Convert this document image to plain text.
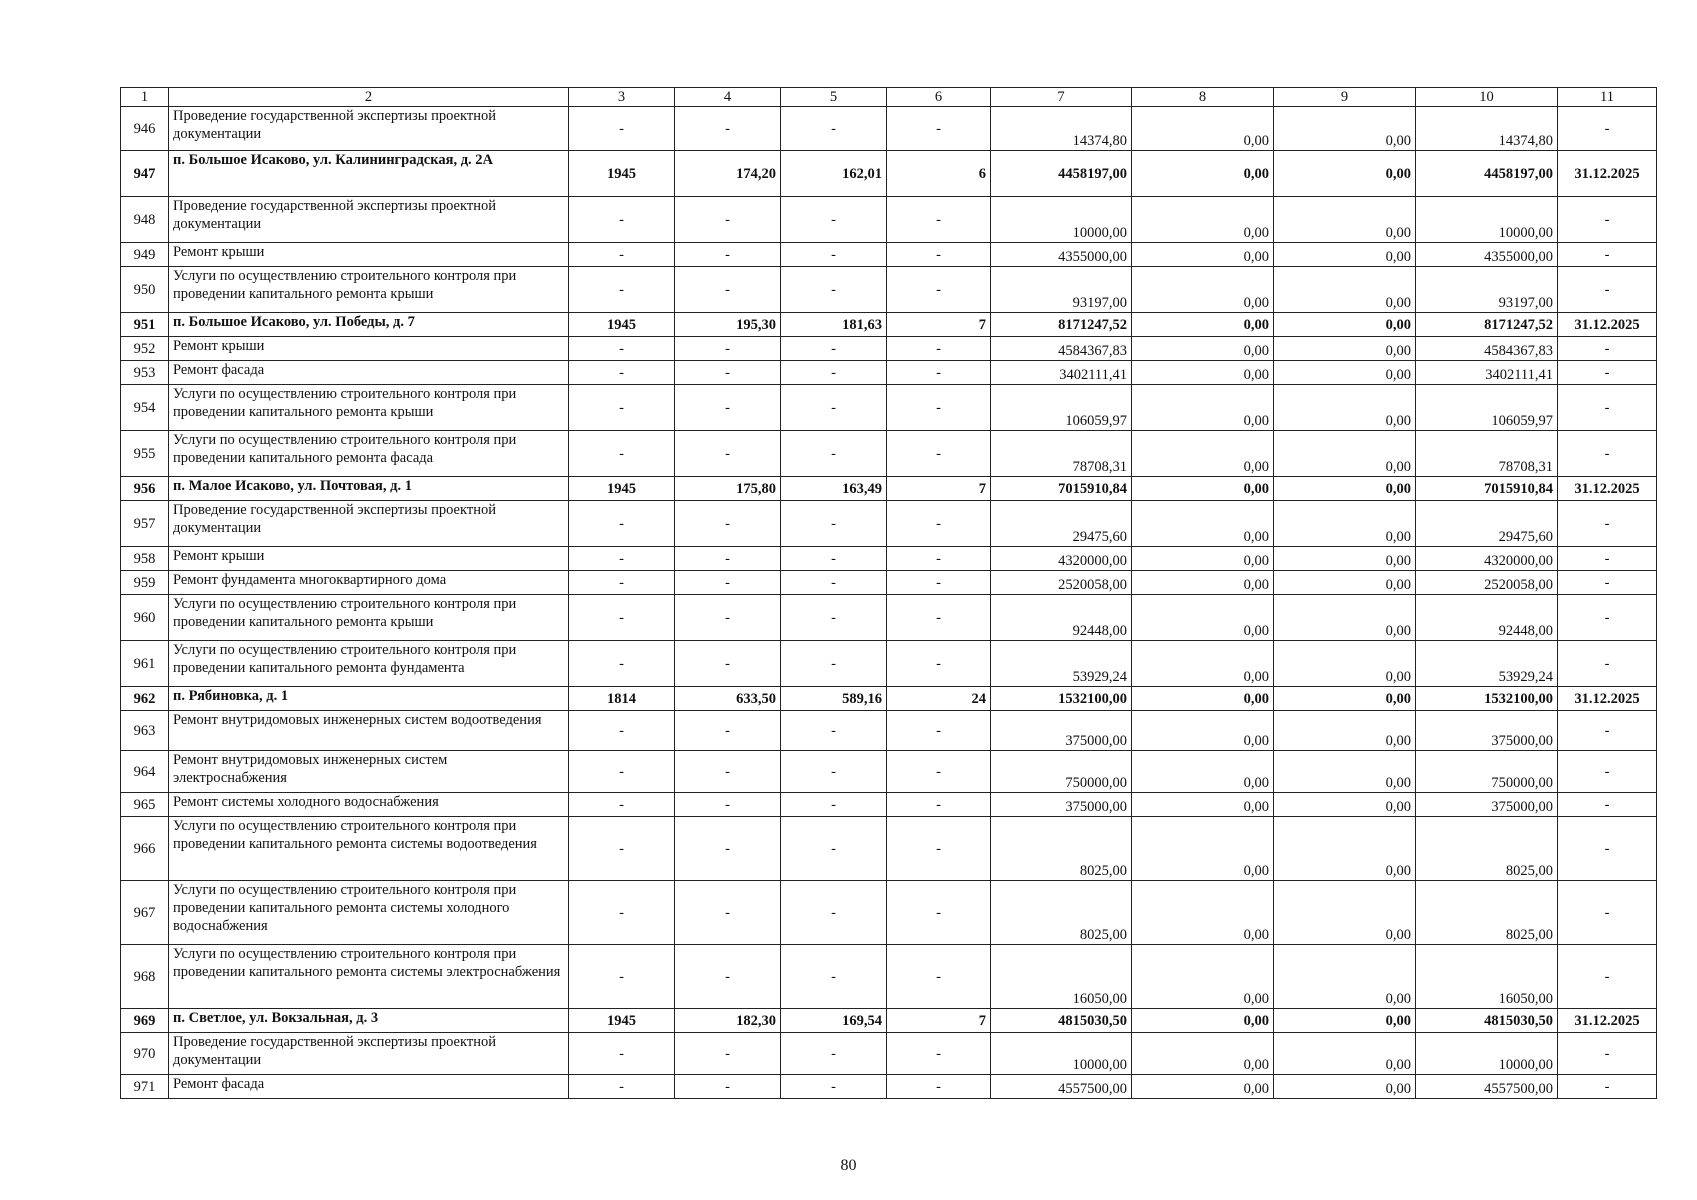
1	2	3	4	5	6	7	8	9	10	11
946	Проведение государственной экспертизы проектной документации	-	-	-	-	14374,80	0,00	0,00	14374,80	-
947	п. Большое Исаково, ул. Калининградская, д. 2А	1945	174,20	162,01	6	4458197,00	0,00	0,00	4458197,00	31.12.2025
948	Проведение государственной экспертизы проектной документации	-	-	-	-	10000,00	0,00	0,00	10000,00	-
949	Ремонт крыши	-	-	-	-	4355000,00	0,00	0,00	4355000,00	-
950	Услуги по осуществлению строительного контроля при проведении капитального ремонта крыши	-	-	-	-	93197,00	0,00	0,00	93197,00	-
951	п. Большое Исаково, ул. Победы, д. 7	1945	195,30	181,63	7	8171247,52	0,00	0,00	8171247,52	31.12.2025
952	Ремонт крыши	-	-	-	-	4584367,83	0,00	0,00	4584367,83	-
953	Ремонт фасада	-	-	-	-	3402111,41	0,00	0,00	3402111,41	-
954	Услуги по осуществлению строительного контроля при проведении капитального ремонта крыши	-	-	-	-	106059,97	0,00	0,00	106059,97	-
955	Услуги по осуществлению строительного контроля при проведении капитального ремонта фасада	-	-	-	-	78708,31	0,00	0,00	78708,31	-
956	п. Малое Исаково, ул. Почтовая, д. 1	1945	175,80	163,49	7	7015910,84	0,00	0,00	7015910,84	31.12.2025
957	Проведение государственной экспертизы проектной документации	-	-	-	-	29475,60	0,00	0,00	29475,60	-
958	Ремонт крыши	-	-	-	-	4320000,00	0,00	0,00	4320000,00	-
959	Ремонт фундамента многоквартирного дома	-	-	-	-	2520058,00	0,00	0,00	2520058,00	-
960	Услуги по осуществлению строительного контроля при проведении капитального ремонта крыши	-	-	-	-	92448,00	0,00	0,00	92448,00	-
961	Услуги по осуществлению строительного контроля при проведении капитального ремонта фундамента	-	-	-	-	53929,24	0,00	0,00	53929,24	-
962	п. Рябиновка, д. 1	1814	633,50	589,16	24	1532100,00	0,00	0,00	1532100,00	31.12.2025
963	Ремонт внутридомовых инженерных систем водоотведения	-	-	-	-	375000,00	0,00	0,00	375000,00	-
964	Ремонт внутридомовых инженерных систем электроснабжения	-	-	-	-	750000,00	0,00	0,00	750000,00	-
965	Ремонт системы холодного водоснабжения	-	-	-	-	375000,00	0,00	0,00	375000,00	-
966	Услуги по осуществлению строительного контроля при проведении капитального ремонта системы водоотведения	-	-	-	-	8025,00	0,00	0,00	8025,00	-
967	Услуги по осуществлению строительного контроля при проведении капитального ремонта системы холодного водоснабжения	-	-	-	-	8025,00	0,00	0,00	8025,00	-
968	Услуги по осуществлению строительного контроля при проведении капитального ремонта системы электроснабжения	-	-	-	-	16050,00	0,00	0,00	16050,00	-
969	п. Светлое, ул. Вокзальная, д. 3	1945	182,30	169,54	7	4815030,50	0,00	0,00	4815030,50	31.12.2025
970	Проведение государственной экспертизы проектной документации	-	-	-	-	10000,00	0,00	0,00	10000,00	-
971	Ремонт фасада	-	-	-	-	4557500,00	0,00	0,00	4557500,00	-
80
